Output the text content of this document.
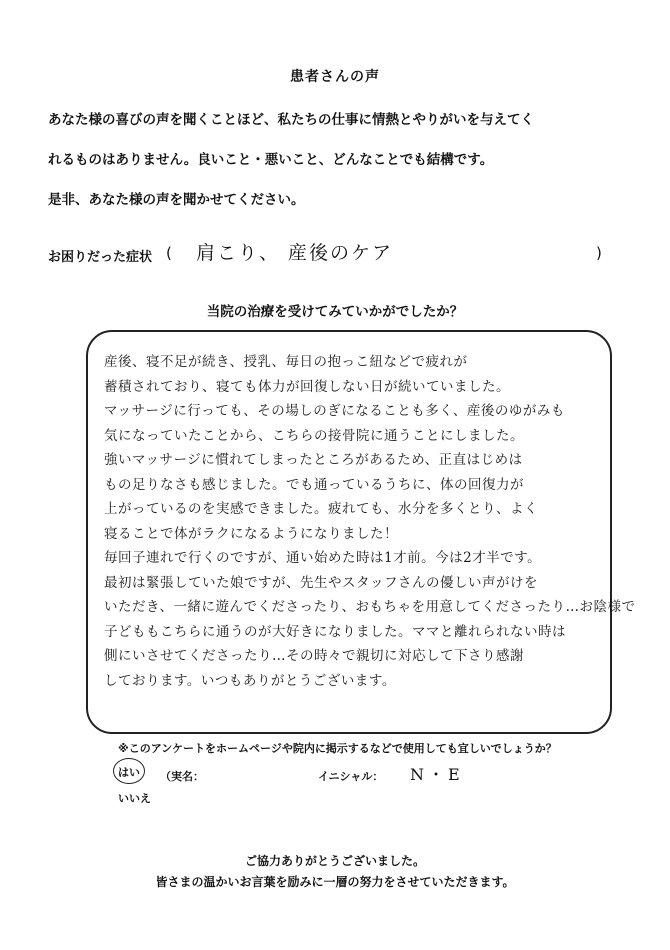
患者さんの声

あなた様の喜びの声を聞くことほど、私たちの仕事に情熱とやりがいを与えてく

れるものはありません。良いこと・悪いこと、どんなことでも結構です。

是非、あなた様の声を聞かせてください。

お困りだった症状 ( 肩こり、 産後のケア	)
当院の治療を受けてみていかがでしたか？
産後、寝不足が続き、授乳、毎日の抱っこ紐などで疲れが
蓄積されており、寝ても体力が回復しない日が続いていました。
マッサージに行っても、その場しのぎになることも多く、産後のゆがみも
気になっていたことから、こちらの接骨院に通うことにしました。
強いマッサージに慣れてしまったところがあるため、正直はじめは
もの足りなさも感じました。でも通っているうちに、体の回復力が
上がっているのを実感できました。疲れても、水分を多くとり、よく
寝ることで体がラクになるようになりました！
毎回子連れで行くのですが、通い始めた時は1才前。今は2才半です。
最初は緊張していた娘ですが、先生やスタッフさんの優しい声がけを
いただき、一緒に遊んでくださったり、おもちゃを用意してくださったり…お陰様で
子どももこちらに通うのが大好きになりました。ママと離れられない時は
側にいさせてくださったり…その時々で親切に対応して下さり感謝
しております。いつもありがとうございます。
※このアンケートをホームページや院内に掲示するなどで使用しても宜しいでしょうか？
はい
いいえ
（実名：	イニシャル： N・E
ご協力ありがとうございました。
皆さまの温かいお言葉を励みに一層の努力をさせていただきます。
